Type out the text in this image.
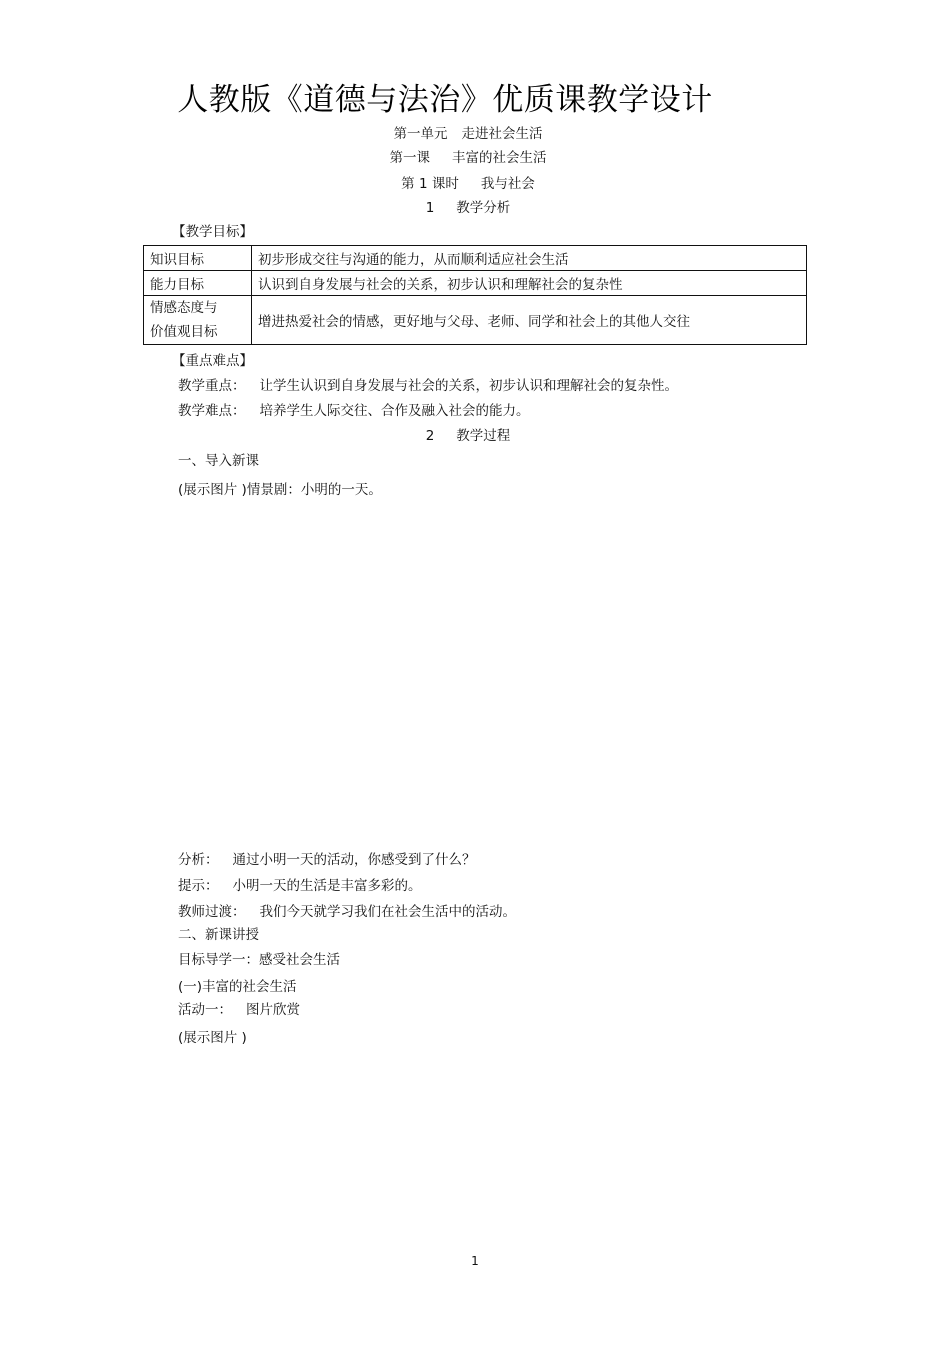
人教版《道德与法治》优质课教学设计
第一单元 走进社会生活
第一课 丰富的社会生活
第 1 课时 我与社会
1 教学分析
【教学目标】
知识目标	初步形成交往与沟通的能力，从而顺利适应社会生活
能力目标	认识到自身发展与社会的关系，初步认识和理解社会的复杂性

情感态度与
价值观目标	增进热爱社会的情感，更好地与父母、老师、同学和社会上的其他人交往
【重点难点】
教学重点： 让学生认识到自身发展与社会的关系，初步认识和理解社会的复杂性。
教学难点： 培养学生人际交往、合作及融入社会的能力。
2 教学过程
一、导入新课
(展示图片 )情景剧：小明的一天。
分析： 通过小明一天的活动，你感受到了什么？
提示： 小明一天的生活是丰富多彩的。
教师过渡： 我们今天就学习我们在社会生活中的活动。
二、新课讲授
目标导学一：感受社会生活
(一)丰富的社会生活
活动一： 图片欣赏
(展示图片 )
1
